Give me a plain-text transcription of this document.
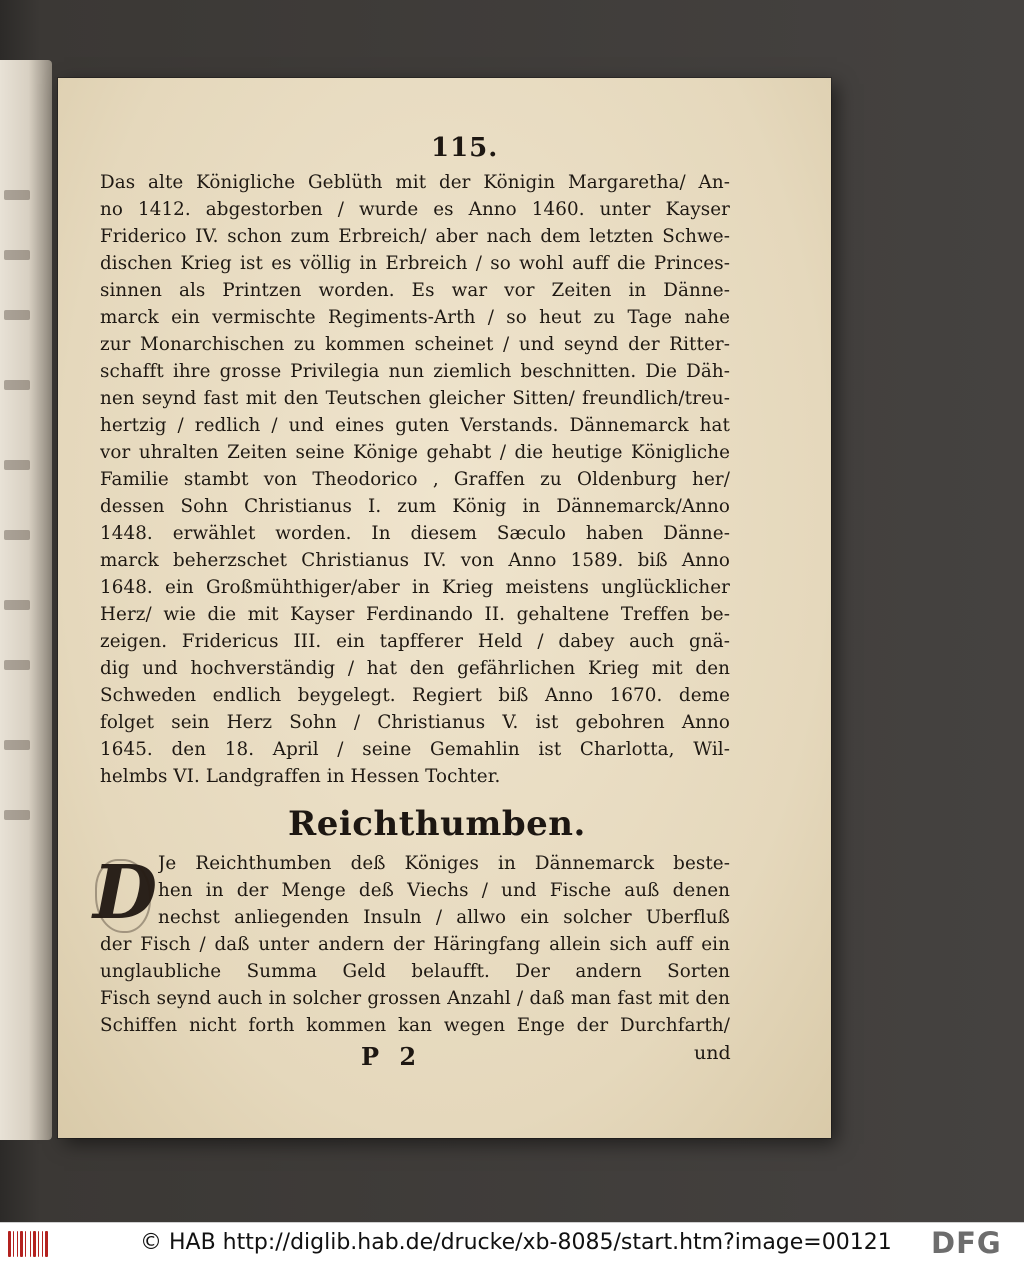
115.
Das alte Königliche Geblüth mit der Königin Margaretha/ An-
no 1412. abgestorben / wurde es Anno 1460. unter Kayser
Friderico IV. schon zum Erbreich/ aber nach dem letzten Schwe-
dischen Krieg ist es völlig in Erbreich / so wohl auff die Princes-
sinnen als Printzen worden. Es war vor Zeiten in Dänne-
marck ein vermischte Regiments-Arth / so heut zu Tage nahe
zur Monarchischen zu kommen scheinet / und seynd der Ritter-
schafft ihre grosse Privilegia nun ziemlich beschnitten. Die Däh-
nen seynd fast mit den Teutschen gleicher Sitten/ freundlich/treu-
hertzig / redlich / und eines guten Verstands. Dännemarck hat
vor uhralten Zeiten seine Könige gehabt / die heutige Königliche
Familie stambt von Theodorico , Graffen zu Oldenburg her/
dessen Sohn Christianus I. zum König in Dännemarck/Anno
1448. erwählet worden. In diesem Sæculo haben Dänne-
marck beherzschet Christianus IV. von Anno 1589. biß Anno
1648. ein Großmühthiger/aber in Krieg meistens unglücklicher
Herz/ wie die mit Kayser Ferdinando II. gehaltene Treffen be-
zeigen. Fridericus III. ein tapfferer Held / dabey auch gnä-
dig und hochverständig / hat den gefährlichen Krieg mit den
Schweden endlich beygelegt. Regiert biß Anno 1670. deme
folget sein Herz Sohn / Christianus V. ist gebohren Anno
1645. den 18. April / seine Gemahlin ist Charlotta, Wil-
helmbs VI. Landgraffen in Hessen Tochter.
Reichthumben.
D Je Reichthumben deß Königes in Dännemarck beste-
hen in der Menge deß Viechs / und Fische auß denen
nechst anliegenden Insuln / allwo ein solcher Uberfluß
der Fisch / daß unter andern der Häringfang allein sich auff ein
unglaubliche Summa Geld belaufft. Der andern Sorten
Fisch seynd auch in solcher grossen Anzahl / daß man fast mit den
Schiffen nicht forth kommen kan wegen Enge der Durchfarth/
P 2	und
© HAB http://diglib.hab.de/drucke/xb-8085/start.htm?image=00121 DFG
